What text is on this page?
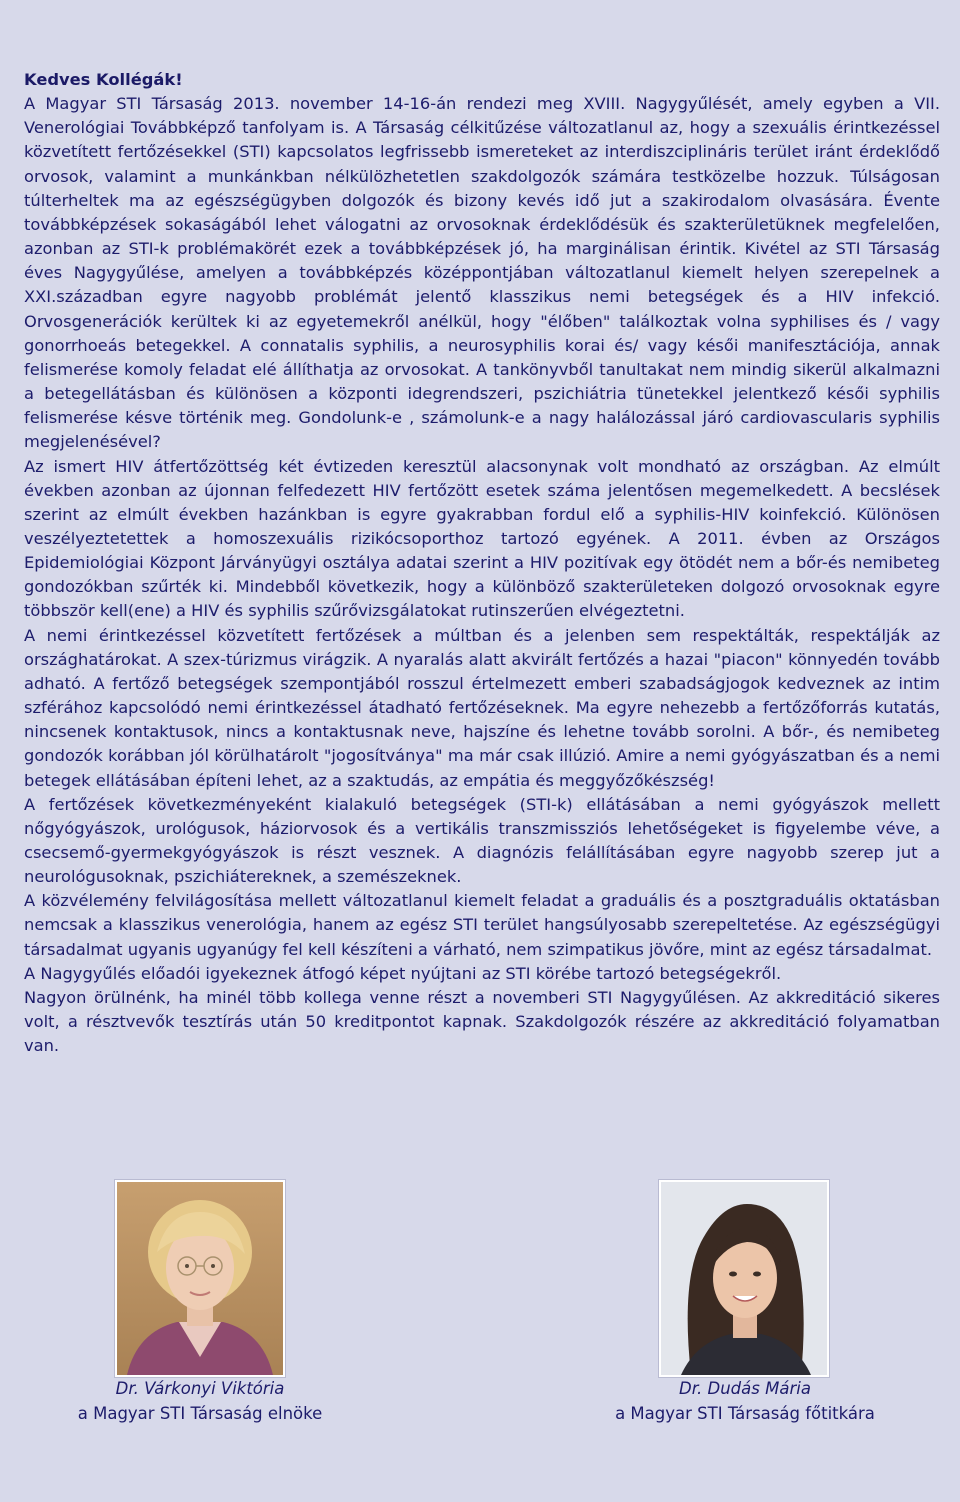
Kedves Kollégák!

A Magyar STI Társaság 2013. november 14-16-án rendezi meg XVIII. Nagygyűlését, amely egyben a VII. Venerológiai Továbbképző tanfolyam is. A Társaság célkitűzése változatlanul az, hogy a szexuális érintkezéssel közvetített fertőzésekkel (STI) kapcsolatos legfrissebb ismereteket az interdiszciplináris terület iránt érdeklődő orvosok, valamint a munkánkban nélkülözhetetlen szakdolgozók számára testközelbe hozzuk. Túlságosan túlterheltek ma az egészségügyben dolgozók és bizony kevés idő jut a szakirodalom olvasására. Évente továbbképzések sokaságából lehet válogatni az orvosoknak érdeklődésük és szakterületüknek megfelelően, azonban az STI-k problémakörét ezek a továbbképzések jó, ha marginálisan érintik. Kivétel az STI Társaság éves Nagygyűlése, amelyen a továbbképzés középpontjában változatlanul kiemelt helyen szerepelnek a XXI.században egyre nagyobb problémát jelentő klasszikus nemi betegségek és a HIV infekció. Orvosgenerációk kerültek ki az egyetemekről anélkül, hogy "élőben" találkoztak volna syphilises és / vagy gonorrhoeás betegekkel. A connatalis syphilis, a neurosyphilis korai és/ vagy késői manifesztációja, annak felismerése komoly feladat elé állíthatja az orvosokat. A tankönyvből tanultakat nem mindig sikerül alkalmazni a betegellátásban és különösen a központi idegrendszeri, pszichiátria tünetekkel jelentkező késői syphilis felismerése késve történik meg. Gondolunk-e , számolunk-e a nagy halálozással járó cardiovascularis syphilis megjelenésével?

Az ismert HIV átfertőzöttség két évtizeden keresztül alacsonynak volt mondható az országban. Az elmúlt években azonban az újonnan felfedezett HIV fertőzött esetek száma jelentősen megemelkedett. A becslések szerint az elmúlt években hazánkban is egyre gyakrabban fordul elő a syphilis-HIV koinfekció. Különösen veszélyeztetettek a homoszexuális rizikócsoporthoz tartozó egyének. A 2011. évben az Országos Epidemiológiai Központ Járványügyi osztálya adatai szerint a HIV pozitívak egy ötödét nem a bőr-és nemibeteg gondozókban szűrték ki. Mindebből következik, hogy a különböző szakterületeken dolgozó orvosoknak egyre többször kell(ene) a HIV és syphilis szűrővizsgálatokat rutinszerűen elvégeztetni.

A nemi érintkezéssel közvetített fertőzések a múltban és a jelenben sem respektálták, respektálják az országhatárokat. A szex-túrizmus virágzik. A nyaralás alatt akvirált fertőzés a hazai "piacon" könnyedén tovább adható. A fertőző betegségek szempontjából rosszul értelmezett emberi szabadságjogok kedveznek az intim szférához kapcsolódó nemi érintkezéssel átadható fertőzéseknek. Ma egyre nehezebb a fertőzőforrás kutatás, nincsenek kontaktusok, nincs a kontaktusnak neve, hajszíne és lehetne tovább sorolni. A bőr-, és nemibeteg gondozók korábban jól körülhatárolt "jogosítványa" ma már csak illúzió. Amire a nemi gyógyászatban és a nemi betegek ellátásában építeni lehet, az a szaktudás, az empátia és meggyőzőkészség!

A fertőzések következményeként kialakuló betegségek (STI-k) ellátásában a nemi gyógyászok mellett nőgyógyászok, urológusok, háziorvosok és a vertikális transzmissziós lehetőségeket is figyelembe véve, a csecsemő-gyermekgyógyászok is részt vesznek. A diagnózis felállításában egyre nagyobb szerep jut a neurológusoknak, pszichiátereknek, a szemészeknek.

A közvélemény felvilágosítása mellett változatlanul kiemelt feladat a graduális és a posztgraduális oktatásban nemcsak a klasszikus venerológia, hanem az egész STI terület hangsúlyosabb szerepeltetése. Az egészségügyi társadalmat ugyanis ugyanúgy fel kell készíteni a várható, nem szimpatikus jövőre, mint az egész társadalmat.

A Nagygyűlés előadói igyekeznek átfogó képet nyújtani az STI körébe tartozó betegségekről.

Nagyon örülnénk, ha minél több kollega venne részt a novemberi STI Nagygyűlésen. Az akkreditáció sikeres volt, a résztvevők tesztírás után 50 kreditpontot kapnak. Szakdolgozók részére az akkreditáció folyamatban van.

Dr. Várkonyi Viktória
a Magyar STI Társaság elnöke
Dr. Dudás Mária
a Magyar STI Társaság főtitkára
